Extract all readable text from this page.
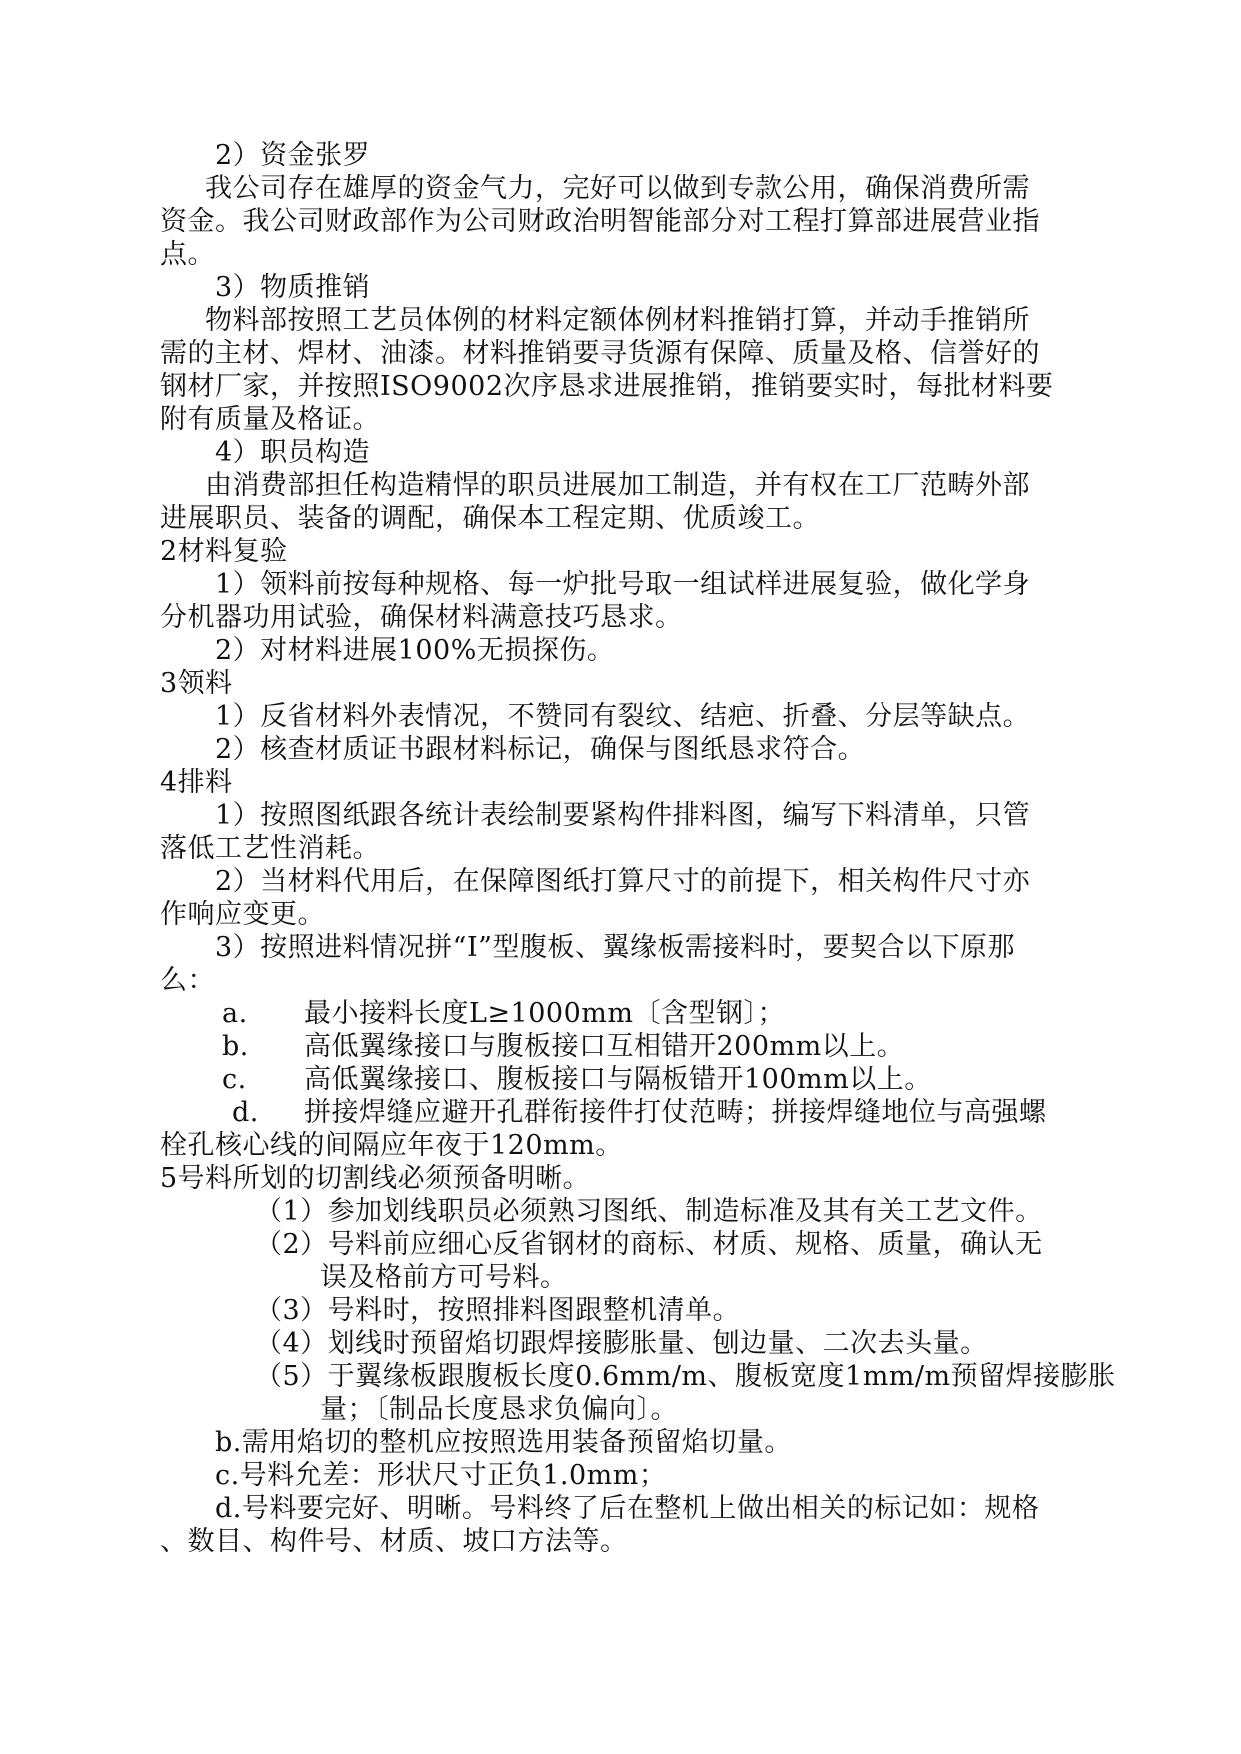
2）资金张罗
我公司存在雄厚的资金气力，完好可以做到专款公用，确保消费所需
资金。我公司财政部作为公司财政治明智能部分对工程打算部进展营业指
点。
3）物质推销
物料部按照工艺员体例的材料定额体例材料推销打算，并动手推销所
需的主材、焊材、油漆。材料推销要寻货源有保障、质量及格、信誉好的
钢材厂家，并按照ISO9002次序恳求进展推销，推销要实时，每批材料要
附有质量及格证。
4）职员构造
由消费部担任构造精悍的职员进展加工制造，并有权在工厂范畴外部
进展职员、装备的调配，确保本工程定期、优质竣工。
2材料复验
1）领料前按每种规格、每一炉批号取一组试样进展复验，做化学身
分机器功用试验，确保材料满意技巧恳求。
2）对材料进展100%无损探伤。
3领料
1）反省材料外表情况，不赞同有裂纹、结疤、折叠、分层等缺点。
2）核查材质证书跟材料标记，确保与图纸恳求符合。
4排料
1）按照图纸跟各统计表绘制要紧构件排料图，编写下料清单，只管
落低工艺性消耗。
2）当材料代用后，在保障图纸打算尺寸的前提下，相关构件尺寸亦
作响应变更。
3）按照进料情况拼“I”型腹板、翼缘板需接料时，要契合以下原那
么：
a. 最小接料长度L≥1000mm〔含型钢〕；
b. 高低翼缘接口与腹板接口互相错开200mm以上。
c. 高低翼缘接口、腹板接口与隔板错开100mm以上。
d. 拼接焊缝应避开孔群衔接件打仗范畴；拼接焊缝地位与高强螺
栓孔核心线的间隔应年夜于120mm。
5号料所划的切割线必须预备明晰。
（1）参加划线职员必须熟习图纸、制造标准及其有关工艺文件。
（2）号料前应细心反省钢材的商标、材质、规格、质量，确认无
误及格前方可号料。
（3）号料时，按照排料图跟整机清单。
（4）划线时预留焰切跟焊接膨胀量、刨边量、二次去头量。
（5）于翼缘板跟腹板长度0.6mm/m、腹板宽度1mm/m预留焊接膨胀
量；〔制品长度恳求负偏向〕。
b.需用焰切的整机应按照选用装备预留焰切量。
c.号料允差：形状尺寸正负1.0mm；
d.号料要完好、明晰。号料终了后在整机上做出相关的标记如：规格
、数目、构件号、材质、坡口方法等。
